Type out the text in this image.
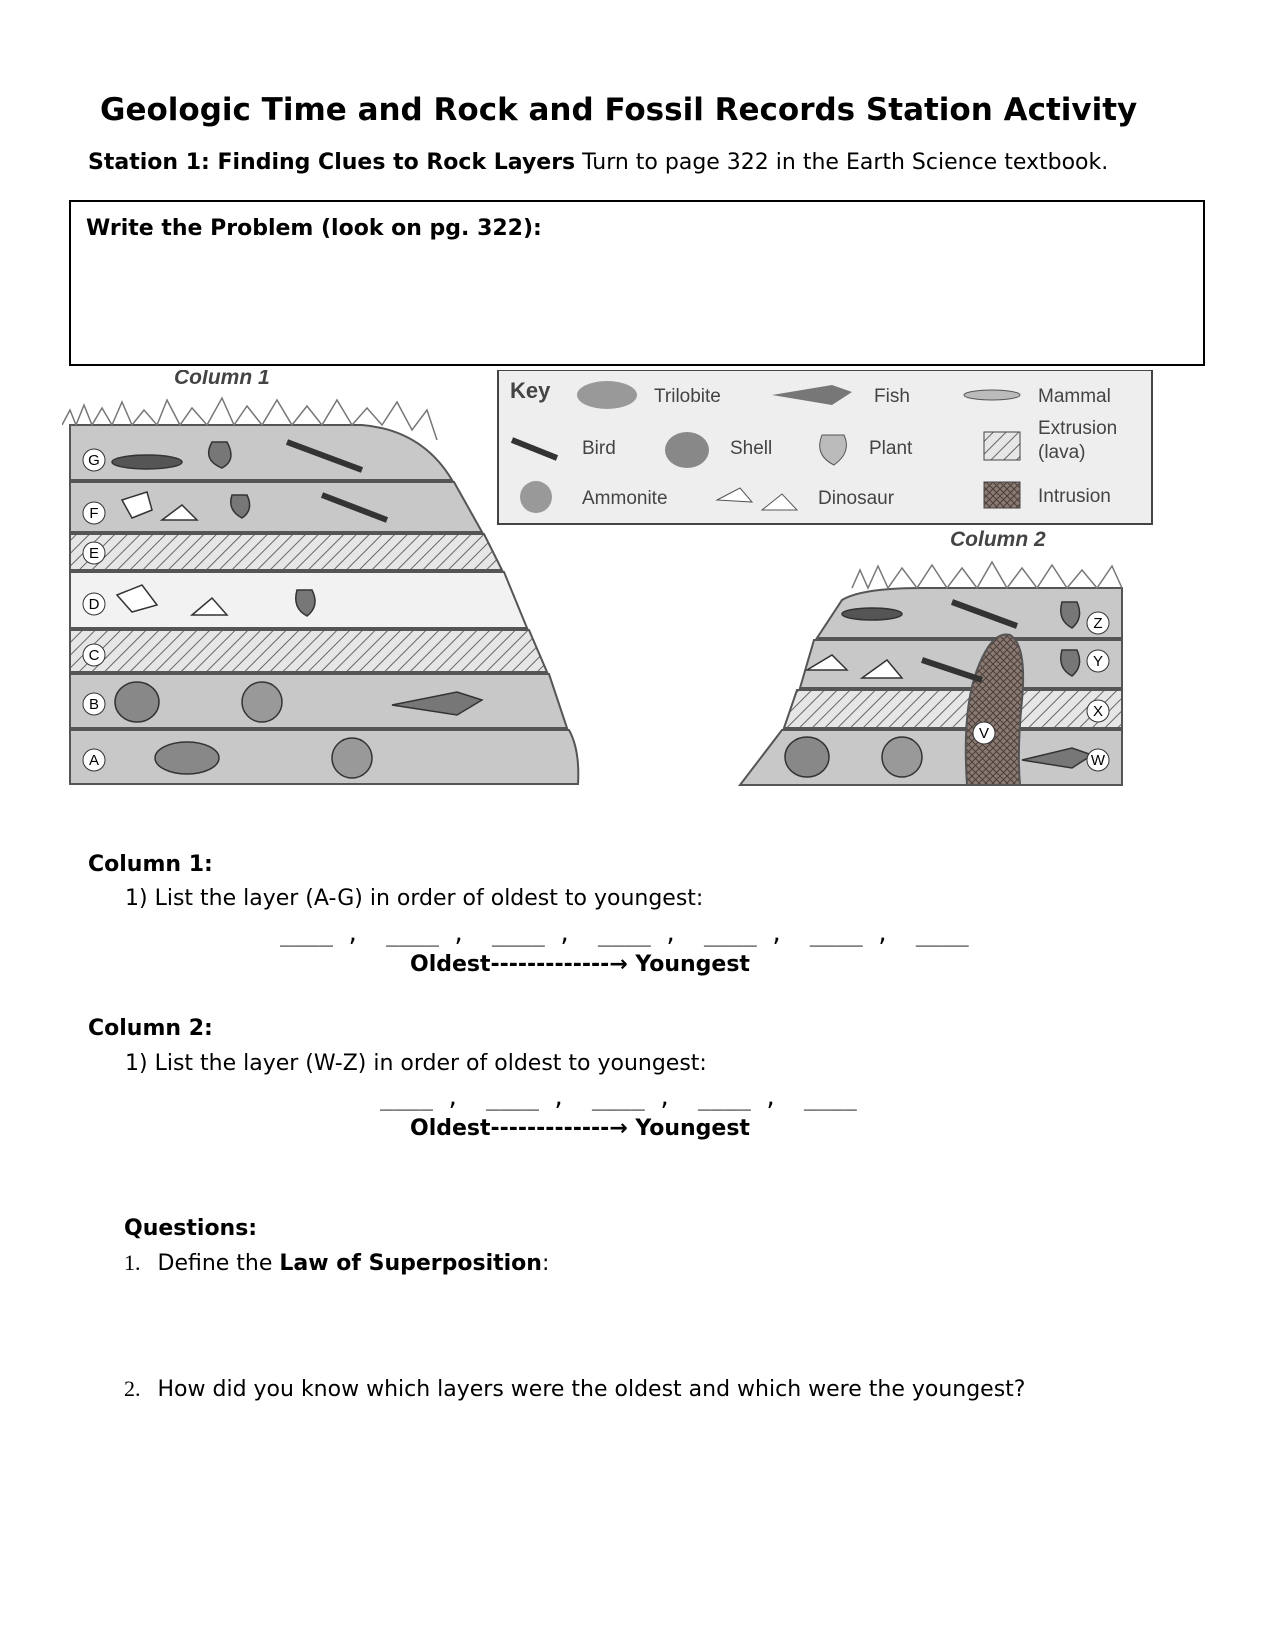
Geologic Time and Rock and Fossil Records Station Activity
Station 1: Finding Clues to Rock Layers Turn to page 322 in the Earth Science textbook.
Write the Problem (look on pg. 322):
Column 1
G
F
E
D
C
B
A
Key	Trilobite	Fish	Mammal
Bird	Shell	Plant
Extrusion
(lava)
Ammonite	Dinosaur	Intrusion
Column 2
Z
Y
X
W
V
Column 1:
1) List the layer (A-G) in order of oldest to youngest:
____ ,  ____ ,  ____ ,  ____ ,  ____ ,  ____ ,  ____
Oldest-------------→ Youngest
Column 2:
1) List the layer (W-Z) in order of oldest to youngest:
____ ,  ____ ,  ____ ,  ____ ,  ____
Oldest-------------→ Youngest
Questions:
1. Define the Law of Superposition:
2. How did you know which layers were the oldest and which were the youngest?
